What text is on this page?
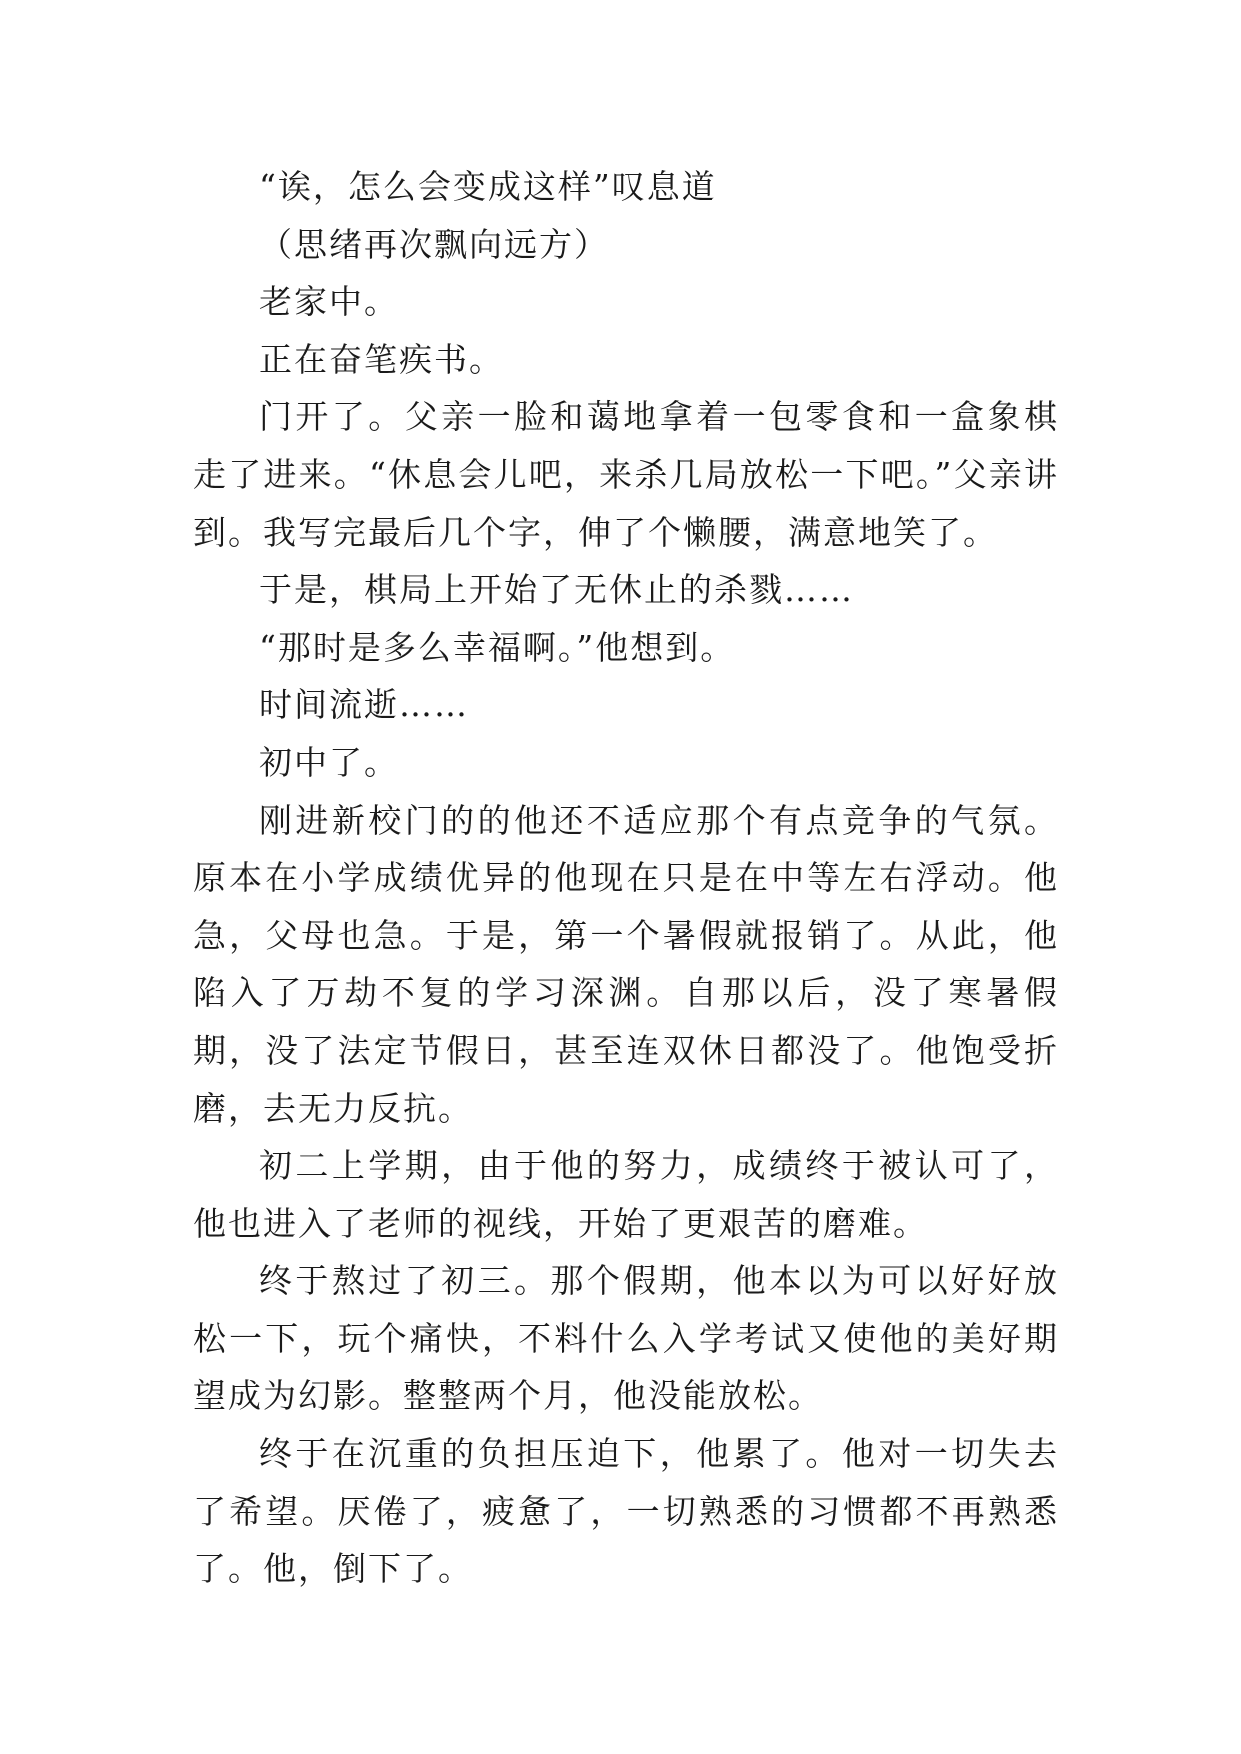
“诶，怎么会变成这样”叹息道

（思绪再次飘向远方）

老家中。

正在奋笔疾书。

门开了。父亲一脸和蔼地拿着一包零食和一盒象棋走了进来。“休息会儿吧，来杀几局放松一下吧。”父亲讲到。我写完最后几个字，伸了个懒腰，满意地笑了。

于是，棋局上开始了无休止的杀戮……

“那时是多么幸福啊。”他想到。

时间流逝……

初中了。

刚进新校门的的他还不适应那个有点竞争的气氛。原本在小学成绩优异的他现在只是在中等左右浮动。他急，父母也急。于是，第一个暑假就报销了。从此，他陷入了万劫不复的学习深渊。自那以后，没了寒暑假期，没了法定节假日，甚至连双休日都没了。他饱受折磨，去无力反抗。

初二上学期，由于他的努力，成绩终于被认可了，他也进入了老师的视线，开始了更艰苦的磨难。

终于熬过了初三。那个假期，他本以为可以好好放松一下，玩个痛快，不料什么入学考试又使他的美好期望成为幻影。整整两个月，他没能放松。

终于在沉重的负担压迫下，他累了。他对一切失去了希望。厌倦了，疲惫了，一切熟悉的习惯都不再熟悉了。他，倒下了。
